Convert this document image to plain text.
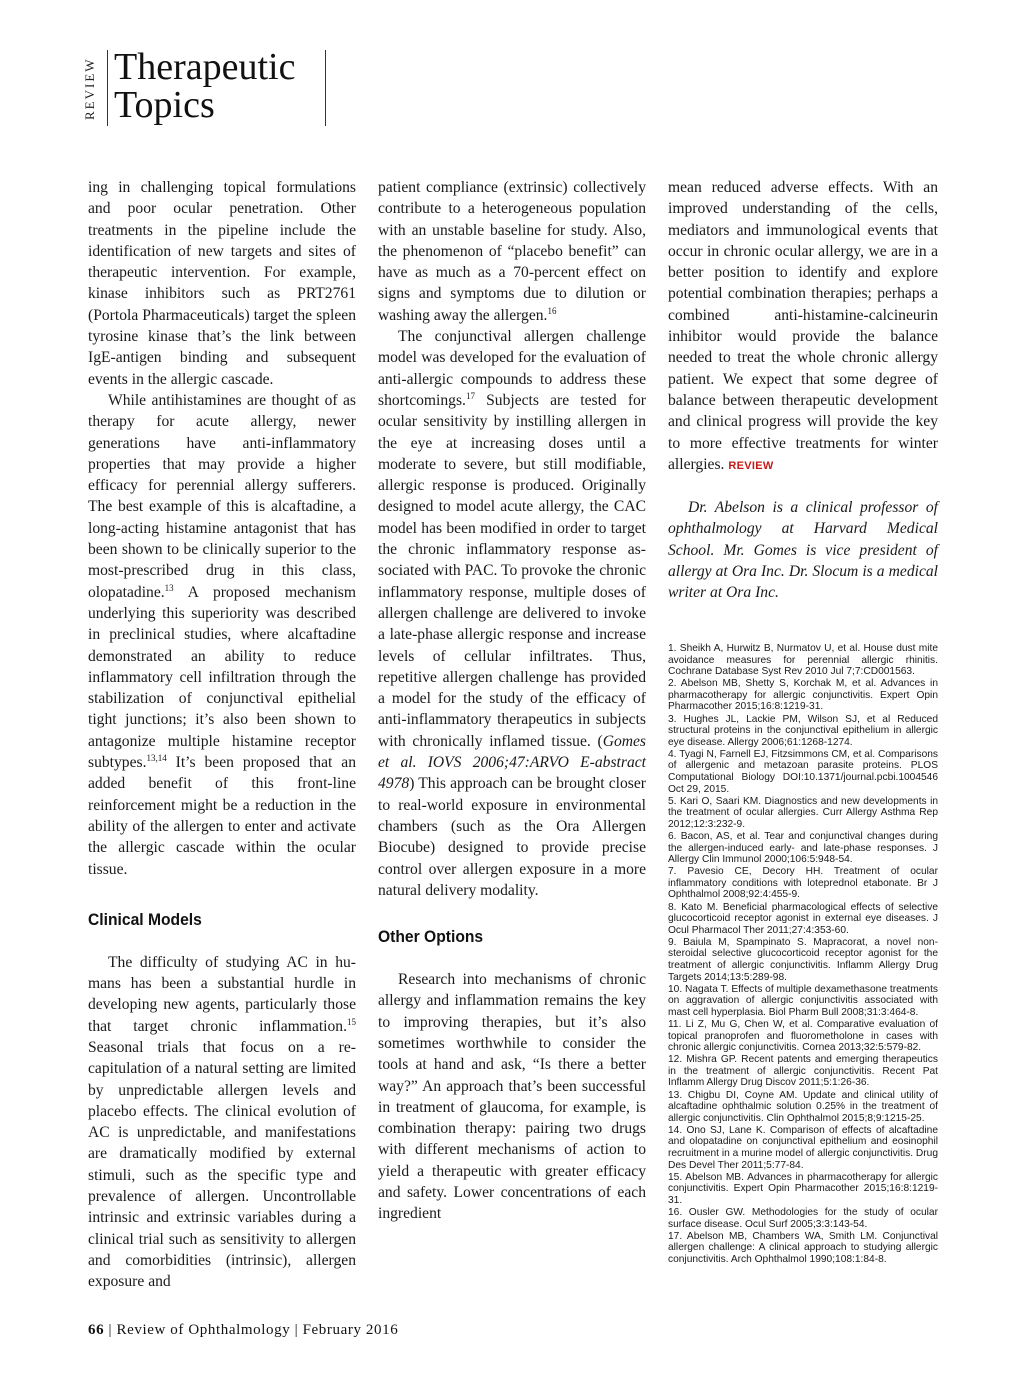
REVIEW Therapeutic
Topics

ing in challenging topical formulations and poor ocular penetration. Other treatments in the pipeline include the identification of new targets and sites of therapeutic intervention. For example, kinase inhibitors such as PRT2761 (Portola Pharmaceuticals) target the spleen tyrosine kinase that’s the link between IgE-antigen binding and subsequent events in the allergic cascade.

While antihistamines are thought of as therapy for acute allergy, newer generations have anti-inflammatory properties that may provide a higher efficacy for perennial allergy sufferers. The best example of this is alcaftadine, a long-acting histamine antagonist that has been shown to be clinically superior to the most-prescribed drug in this class, olopatadine.$^{13}$ A proposed mechanism underlying this superiority was described in preclinical studies, where alcaftadine demonstrated an ability to reduce inflammatory cell infiltration through the stabilization of conjunctival epithelial tight junctions; it’s also been shown to antagonize multiple histamine receptor subtypes.$^{13,14}$ It’s been proposed that an added benefit of this front-line reinforcement might be a reduction in the ability of the allergen to enter and activate the allergic cascade within the ocular tissue.

Clinical Models

The difficulty of studying AC in humans has been a substantial hurdle in developing new agents, particularly those that target chronic inflammation.$^{15}$ Seasonal trials that focus on a recapitulation of a natural setting are limited by unpredictable allergen levels and placebo effects. The clinical evolution of AC is unpredictable, and manifestations are dramatically modified by external stimuli, such as the specific type and prevalence of allergen. Uncontrollable intrinsic and extrinsic variables during a clinical trial such as sensitivity to allergen and comorbidities (intrinsic), allergen exposure and

patient compliance (extrinsic) collectively contribute to a heterogeneous population with an unstable baseline for study. Also, the phenomenon of “placebo benefit” can have as much as a 70-percent effect on signs and symptoms due to dilution or washing away the allergen.$^{16}$

The conjunctival allergen challenge model was developed for the evaluation of anti-allergic compounds to address these shortcomings.$^{17}$ Subjects are tested for ocular sensitivity by instilling allergen in the eye at increasing doses until a moderate to severe, but still modifiable, allergic response is produced. Originally designed to model acute allergy, the CAC model has been modified in order to target the chronic inflammatory response associated with PAC. To provoke the chronic inflammatory response, multiple doses of allergen challenge are delivered to invoke a late-phase allergic response and increase levels of cellular infiltrates. Thus, repetitive allergen challenge has provided a model for the study of the efficacy of anti-inflammatory therapeutics in subjects with chronically inflamed tissue. (Gomes et al. IOVS 2006;47:ARVO E-abstract 4978) This approach can be brought closer to real-world exposure in environmental chambers (such as the Ora Allergen Biocube) designed to provide precise control over allergen exposure in a more natural delivery modality.

Other Options

Research into mechanisms of chronic allergy and inflammation remains the key to improving therapies, but it’s also sometimes worthwhile to consider the tools at hand and ask, “Is there a better way?” An approach that’s been successful in treatment of glaucoma, for example, is combination therapy: pairing two drugs with different mechanisms of action to yield a therapeutic with greater efficacy and safety. Lower concentrations of each ingredient

mean reduced adverse effects. With an improved understanding of the cells, mediators and immunological events that occur in chronic ocular allergy, we are in a better position to identify and explore potential combination therapies; perhaps a combined anti-histamine-calcineurin inhibitor would provide the balance needed to treat the whole chronic allergy patient. We expect that some degree of balance between therapeutic development and clinical progress will provide the key to more effective treatments for winter allergies. REVIEW

Dr. Abelson is a clinical professor of ophthalmology at Harvard Medical School. Mr. Gomes is vice president of allergy at Ora Inc. Dr. Slocum is a medical writer at Ora Inc.

1. Sheikh A, Hurwitz B, Nurmatov U, et al. House dust mite avoidance measures for perennial allergic rhinitis. Cochrane Database Syst Rev 2010 Jul 7;7:CD001563.

2. Abelson MB, Shetty S, Korchak M, et al. Advances in pharmacotherapy for allergic conjunctivitis. Expert Opin Pharmacother 2015;16:8:1219-31.

3. Hughes JL, Lackie PM, Wilson SJ, et al Reduced structural proteins in the conjunctival epithelium in allergic eye disease. Allergy 2006;61:1268-1274.

4. Tyagi N, Farnell EJ, Fitzsimmons CM, et al. Comparisons of allergenic and metazoan parasite proteins. PLOS Computational Biology DOI:10.1371/journal.pcbi.1004546 Oct 29, 2015.

5. Kari O, Saari KM. Diagnostics and new developments in the treatment of ocular allergies. Curr Allergy Asthma Rep 2012;12:3:232-9.

6. Bacon, AS, et al. Tear and conjunctival changes during the allergen-induced early- and late-phase responses. J Allergy Clin Immunol 2000;106:5:948-54.

7. Pavesio CE, Decory HH. Treatment of ocular inflammatory conditions with loteprednol etabonate. Br J Ophthalmol 2008;92:4:455-9.

8. Kato M. Beneficial pharmacological effects of selective glucocorticoid receptor agonist in external eye diseases. J Ocul Pharmacol Ther 2011;27:4:353-60.

9. Baiula M, Spampinato S. Mapracorat, a novel non-steroidal selective glucocorticoid receptor agonist for the treatment of allergic conjunctivitis. Inflamm Allergy Drug Targets 2014;13:5:289-98.

10. Nagata T. Effects of multiple dexamethasone treatments on aggravation of allergic conjunctivitis associated with mast cell hyperplasia. Biol Pharm Bull 2008;31:3:464-8.

11. Li Z, Mu G, Chen W, et al. Comparative evaluation of topical pranoprofen and fluorometholone in cases with chronic allergic conjunctivitis. Cornea 2013;32:5:579-82.

12. Mishra GP. Recent patents and emerging therapeutics in the treatment of allergic conjunctivitis. Recent Pat Inflamm Allergy Drug Discov 2011;5:1:26-36.

13. Chigbu DI, Coyne AM. Update and clinical utility of alcaftadine ophthalmic solution 0.25% in the treatment of allergic conjunctivitis. Clin Ophthalmol 2015;8;9:1215-25.

14. Ono SJ, Lane K. Comparison of effects of alcaftadine and olopatadine on conjunctival epithelium and eosinophil recruitment in a murine model of allergic conjunctivitis. Drug Des Devel Ther 2011;5:77-84.

15. Abelson MB. Advances in pharmacotherapy for allergic conjunctivitis. Expert Opin Pharmacother 2015;16:8:1219-31.

16. Ousler GW. Methodologies for the study of ocular surface disease. Ocul Surf 2005;3:3:143-54.

17. Abelson MB, Chambers WA, Smith LM. Conjunctival allergen challenge: A clinical approach to studying allergic conjunctivitis. Arch Ophthalmol 1990;108:1:84-8.

66 | Review of Ophthalmology | February 2016
